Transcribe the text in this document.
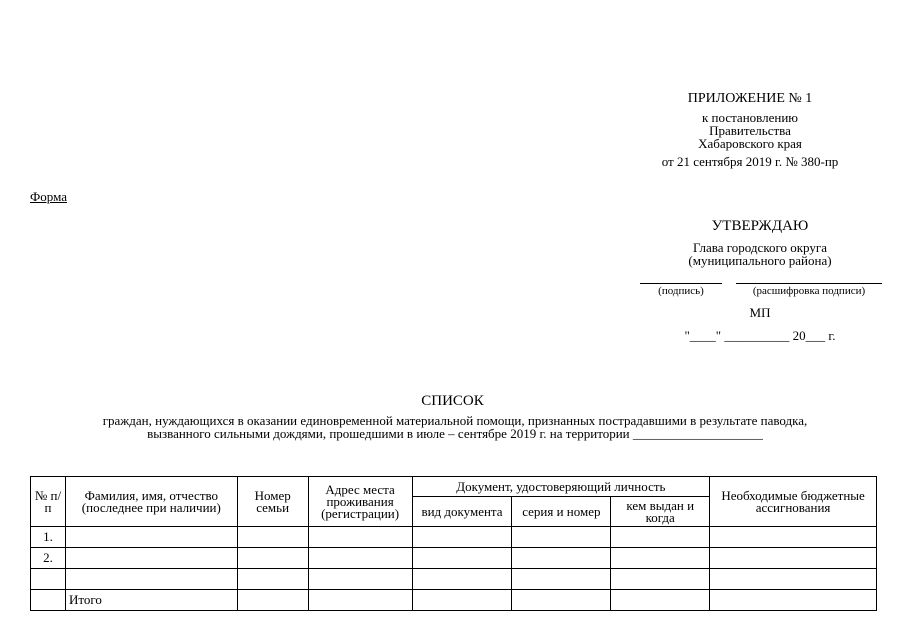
ПРИЛОЖЕНИЕ № 1
к постановлению
Правительства
Хабаровского края
от 21 сентября 2019 г. № 380-пр
Форма
УТВЕРЖДАЮ
Глава городского округа
(муниципального района)
(подпись)	(расшифровка подписи)
МП
"____" __________ 20___ г.
СПИСОК
граждан, нуждающихся в оказании единовременной материальной помощи, признанных пострадавшими в результате паводка,
вызванного сильными дождями, прошедшими в июле – сентябре 2019 г. на территории ____________________
№ п/п	Фамилия, имя, отчество (последнее при наличии)	Номер семьи	Адрес места проживания (регистрации)	Документ, удостоверяющий личность			Необходимые бюджетные ассигнования
				вид документа	серия и номер	кем выдан и когда	
1.							
2.							

	Итого						
